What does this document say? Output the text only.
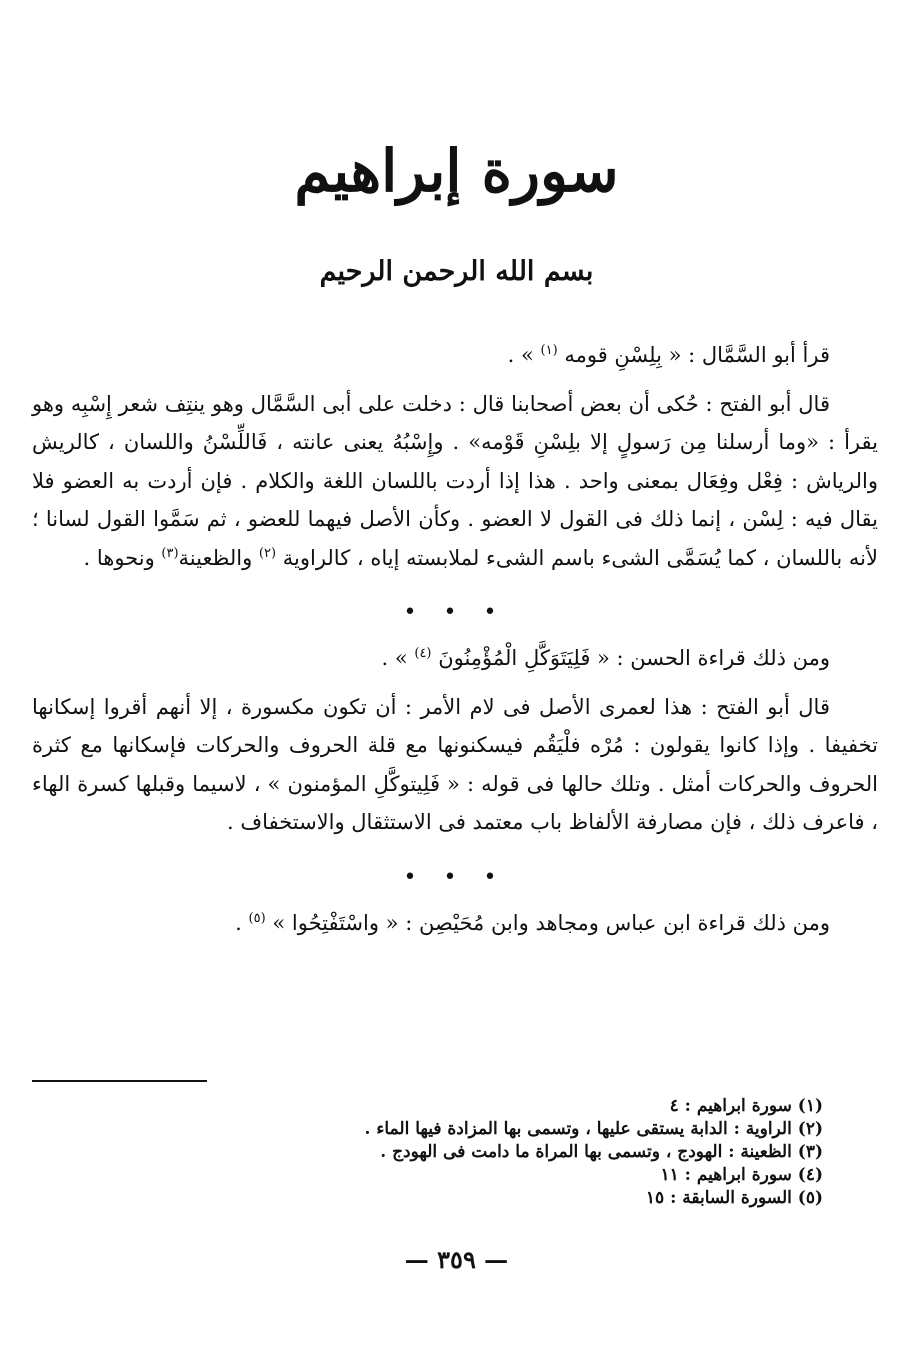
سورة إبراهيم
بسم الله الرحمن الرحيم

قرأ أبو السَّمَّال : « بِلِسْنِ قومه $^{(١)}$ » .

قال أبو الفتح : حُكى أن بعض أصحابنا قال : دخلت على أبى السَّمَّال وهو ينتِف شعر إِسْبِه وهو يقرأ : «وما أرسلنا مِن رَسولٍ إلا بلِسْنِ قَوْمه» . وإِسْبُهُ يعنى عانته ، فَاللِّسْنُ واللسان ، كالريش والرياش : فِعْل وفِعَال بمعنى واحد . هذا إذا أردت باللسان اللغة والكلام . فإن أردت به العضو فلا يقال فيه : لِسْن ، إنما ذلك فى القول لا العضو . وكأن الأصل فيهما للعضو ، ثم سَمَّوا القول لسانا ؛ لأنه باللسان ، كما يُسَمَّى الشىء باسم الشىء لملابسته إياه ، كالراوية $^{(٢)}$ والظعينة$^{(٣)}$ ونحوها .

• • •

ومن ذلك قراءة الحسن : « فَلِيَتَوَكَّلِ الْمُؤْمِنُونَ $^{(٤)}$ » .

قال أبو الفتح : هذا لعمرى الأصل فى لام الأمر : أن تكون مكسورة ، إلا أنهم أقروا إسكانها تخفيفا . وإذا كانوا يقولون : مُرْه فلْيَقُم فيسكنونها مع قلة الحروف والحركات فإسكانها مع كثرة الحروف والحركات أمثل . وتلك حالها فى قوله : « فَلِيتوكَّلِ المؤمنون » ، لاسيما وقبلها كسرة الهاء ، فاعرف ذلك ، فإن مصارفة الألفاظ باب معتمد فى الاستثقال والاستخفاف .

• • •

ومن ذلك قراءة ابن عباس ومجاهد وابن مُحَيْصِن : « واسْتَفْتِحُوا » $^{(٥)}$ .

(١) سورة ابراهيم : ٤
(٢) الراوية : الدابة يستقى عليها ، وتسمى بها المزادة فيها الماء .
(٣) الظعينة : الهودج ، وتسمى بها المراة ما دامت فى الهودج .
(٤) سورة ابراهيم : ١١
(٥) السورة السابقة : ١٥
— ٣٥٩ —
